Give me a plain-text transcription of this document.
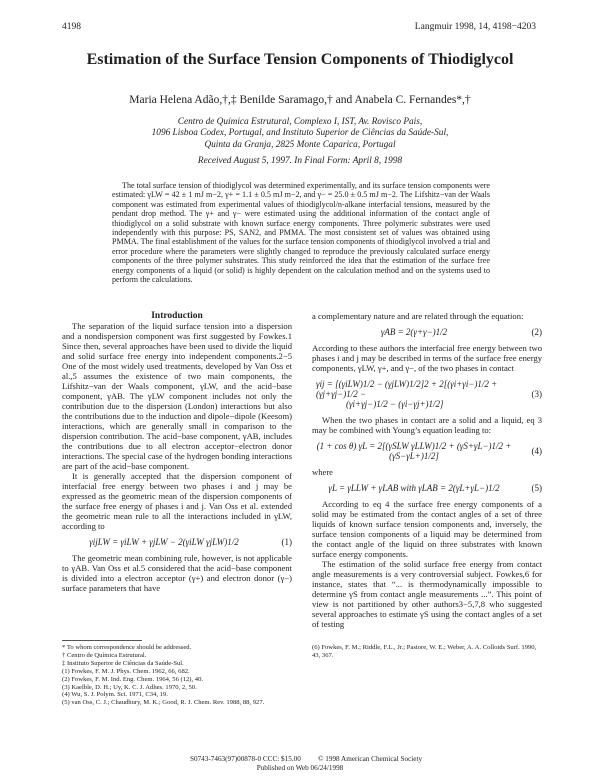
4198	Langmuir 1998, 14, 4198−4203
Estimation of the Surface Tension Components of Thiodiglycol
Maria Helena Adão,†,‡ Benilde Saramago,† and Anabela C. Fernandes*,†
Centro de Química Estrutural, Complexo I, IST, Av. Rovisco Pais,
1096 Lisboa Codex, Portugal, and Instituto Superior de Ciências da Saúde-Sul,
Quinta da Granja, 2825 Monte Caparica, Portugal
Received August 5, 1997. In Final Form: April 8, 1998
The total surface tension of thiodiglycol was determined experimentally, and its surface tension components were estimated: γLW = 42 ± 1 mJ m−2, γ+ = 1.1 ± 0.5 mJ m−2, and γ− = 25.0 ± 0.5 mJ m−2. The Lifshitz−van der Waals component was estimated from experimental values of thiodiglycol/n-alkane interfacial tensions, measured by the pendant drop method. The γ+ and γ− were estimated using the additional information of the contact angle of thiodiglycol on a solid substrate with known surface energy components. Three polymeric substrates were used independently with this purpose: PS, SAN2, and PMMA. The most consistent set of values was obtained using PMMA. The final establishment of the values for the surface tension components of thiodiglycol involved a trial and error procedure where the parameters were slightly changed to reproduce the previously calculated surface energy components of the three polymer substrates. This study reinforced the idea that the estimation of the surface free energy components of a liquid (or solid) is highly dependent on the calculation method and on the systems used to perform the calculations.

Introduction

The separation of the liquid surface tension into a dispersion and a nondispersion component was first suggested by Fowkes.1 Since then, several approaches have been used to divide the liquid and solid surface free energy into independent components.2−5 One of the most widely used treatments, developed by Van Oss et al.,5 assumes the existence of two main components, the Lifshitz−van der Waals component, γLW, and the acid−base component, γAB. The γLW component includes not only the contribution due to the dispersion (London) interactions but also the contributions due to the induction and dipole−dipole (Keesom) interactions, which are generally small in comparison to the dispersion contribution. The acid−base component, γAB, includes the contributions due to all electron acceptor−electron donor interactions. The special case of the hydrogen bonding interactions are part of the acid−base component.

It is generally accepted that the dispersion component of interfacial free energy between two phases i and j may be expressed as the geometric mean of the dispersion components of the surface free energy of phases i and j. Van Oss et al. extended the geometric mean rule to all the interactions included in γLW, according to

γijLW = γiLW + γjLW − 2(γiLW γjLW)1/2	(1)

The geometric mean combining rule, however, is not applicable to γAB. Van Oss et al.5 considered that the acid−base component is divided into a electron acceptor (γ+) and electron donor (γ−) surface parameters that have

a complementary nature and are related through the equation:

γAB = 2(γ+γ−)1/2	(2)

According to these authors the interfacial free energy between two phases i and j may be described in terms of the surface free energy components, γLW, γ+, and γ−, of the two phases in contact

γij = [(γiLW)1/2 − (γjLW)1/2]2 + 2[(γi+γi−)1/2 + (γj+γj−)1/2 −
(γi+γj−)1/2 − (γi−γj+)1/2]
(3)

When the two phases in contact are a solid and a liquid, eq 3 may be combined with Young’s equation leading to:

(1 + cos θ) γL = 2[(γSLW γLLW)1/2 + (γS+γL−)1/2 + (γS−γL+)1/2]	(4)

where

γL = γLLW + γLAB with γLAB = 2(γL+γL−)1/2	(5)

According to eq 4 the surface free energy components of a solid may be estimated from the contact angles of a set of three liquids of known surface tension components and, inversely, the surface tension components of a liquid may be determined from the contact angle of the liquid on three substrates with known surface energy components.

The estimation of the solid surface free energy from contact angle measurements is a very controversial subject. Fowkes,6 for instance, states that “... is thermodynamically impossible to determine γS from contact angle measurements ...”. This point of view is not partitioned by other authors3−5,7,8 who suggested several approaches to estimate γS using the contact angles of a set of testing

* To whom correspondence should be addressed.
† Centro de Química Estrutural.
‡ Instituto Superior de Ciências da Saúde-Sul.
(1) Fowkes, F. M. J. Phys. Chem. 1962, 66, 682.
(2) Fowkes, F. M. Ind. Eng. Chem. 1964, 56 (12), 40.
(3) Kaelble, D. H.; Uy, K. C. J. Adhes. 1970, 2, 50.
(4) Wu, S. J. Polym. Sci. 1971, C34, 19.
(5) van Oss, C. J.; Chaudhury, M. K.; Good, R. J. Chem. Rev. 1988, 88, 927.
(6) Fowkes, F. M.; Riddle, F.L., Jr.; Pastore, W. E.; Weber, A. A. Colloids Surf. 1990, 43, 367.
S0743-7463(97)00878-0 CCC: $15.00 © 1998 American Chemical Society
Published on Web 06/24/1998
